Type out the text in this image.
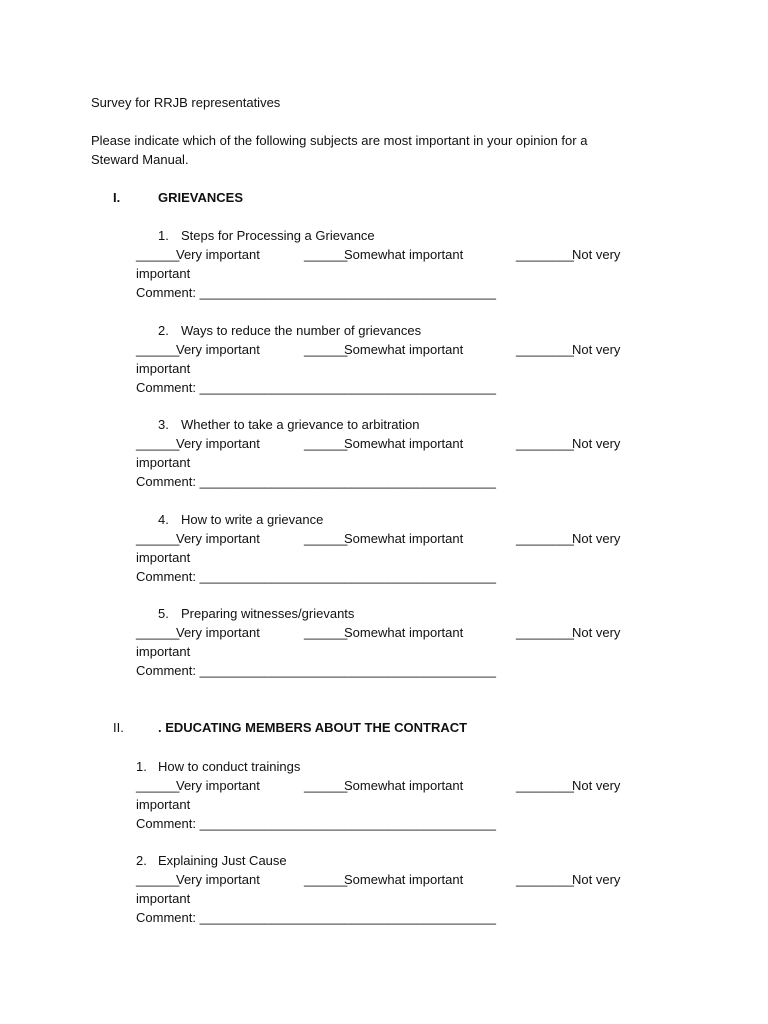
Survey for RRJB representatives
Please indicate which of the following subjects are most important in your opinion for a
Steward Manual.
I.	GRIEVANCES
II.	. EDUCATING MEMBERS ABOUT THE CONTRACT
1. Steps for Processing a Grievance
______
Very important	______
Somewhat important	________
Not very
important
Comment: _________________________________________
2. Ways to reduce the number of grievances
______
Very important	______
Somewhat important	________
Not very
important
Comment: _________________________________________
3. Whether to take a grievance to arbitration
______
Very important	______
Somewhat important	________
Not very
important
Comment: _________________________________________
4. How to write a grievance
______
Very important	______
Somewhat important	________
Not very
important
Comment: _________________________________________
5. Preparing witnesses/grievants
______
Very important	______
Somewhat important	________
Not very
important
Comment: _________________________________________
1. How to conduct trainings
______
Very important	______
Somewhat important	________
Not very
important
Comment: _________________________________________
2. Explaining Just Cause
______
Very important	______
Somewhat important	________
Not very
important
Comment: _________________________________________
